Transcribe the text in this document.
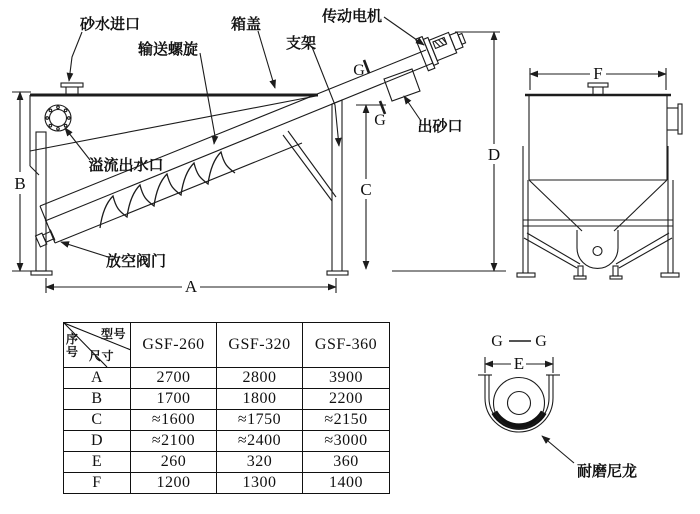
砂水进口
输送螺旋
箱盖
支架
传动电机
出砂口
溢流出水口
放空阀门
A
B	C
D
G
G
F
E
G G
耐磨尼龙
型号
尺寸
序号	GSF-260	GSF-320	GSF-360
A	2700	2800	3900
B	1700	1800	2200
C	≈1600	≈1750	≈2150
D	≈2100	≈2400	≈3000
E	260	320	360
F	1200	1300	1400
